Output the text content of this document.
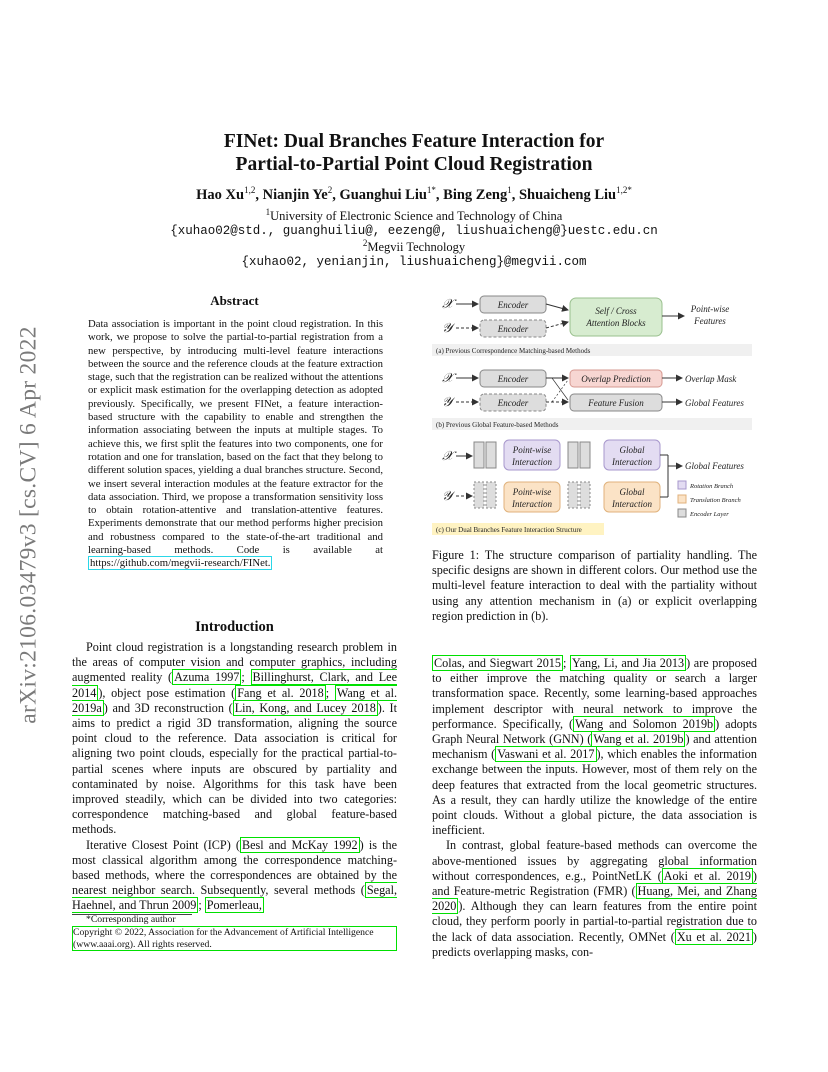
arXiv:2106.03479v3 [cs.CV] 6 Apr 2022
FINet: Dual Branches Feature Interaction for
Partial-to-Partial Point Cloud Registration
Hao Xu$^{1,2}$, Nianjin Ye$^2$, Guanghui Liu$^{1*}$, Bing Zeng$^1$, Shuaicheng Liu$^{1,2*}$
$^1$University of Electronic Science and Technology of China
{xuhao02@std., guanghuiliu@, eezeng@, liushuaicheng@}uestc.edu.cn
$^2$Megvii Technology
{xuhao02, yenianjin, liushuaicheng}@megvii.com
Abstract
Data association is important in the point cloud registration. In this work, we propose to solve the partial-to-partial registration from a new perspective, by introducing multi-level feature interactions between the source and the reference clouds at the feature extraction stage, such that the registration can be realized without the attentions or explicit mask estimation for the overlapping detection as adopted previously. Specifically, we present FINet, a feature interaction-based structure with the capability to enable and strengthen the information associating between the inputs at multiple stages. To achieve this, we first split the features into two components, one for rotation and one for translation, based on the fact that they belong to different solution spaces, yielding a dual branches structure. Second, we insert several interaction modules at the feature extractor for the data association. Third, we propose a transformation sensitivity loss to obtain rotation-attentive and translation-attentive features. Experiments demonstrate that our method performs higher precision and robustness compared to the state-of-the-art traditional and learning-based methods. Code is available at https://github.com/megvii-research/FINet.
Introduction

Point cloud registration is a longstanding research problem in the areas of computer vision and computer graphics, including augmented reality ( Azuma 1997 ; Billinghurst, Clark, and Lee 2014 ), object pose estimation ( Fang et al. 2018 ; Wang et al. 2019a ) and 3D reconstruction ( Lin, Kong, and Lucey 2018 ). It aims to predict a rigid 3D transformation, aligning the source point cloud to the reference. Data association is critical for aligning two point clouds, especially for the practical partial-to-partial scenes where inputs are obscured by partiality and contaminated by noise. Algorithms for this task have been improved steadily, which can be divided into two categories: correspondence matching-based and global feature-based methods.

Iterative Closest Point (ICP) ( Besl and McKay 1992 ) is the most classical algorithm among the correspondence matching-based methods, where the correspondences are obtained by the nearest neighbor search. Subsequently, several methods ( Segal, Haehnel, and Thrun 2009 ; Pomerleau,

*Corresponding author
Copyright © 2022, Association for the Advancement of Artificial Intelligence (www.aaai.org). All rights reserved.
𝒳
𝒴
Encoder
Encoder
Self / Cross
Attention Blocks
Point-wise
Features
(a) Previous Correspondence Matching-based Methods
𝒳
𝒴
Encoder
Encoder
Overlap Prediction
Feature Fusion
Overlap Mask
Global Features
(b) Previous Global Feature-based Methods
𝒳
𝒴
Point-wise
Interaction
Point-wise
Interaction
Global
Interaction
Global
Interaction
Global Features
Rotation Branch
Translation Branch
Encoder Layer
(c) Our Dual Branches Feature Interaction Structure
Figure 1: The structure comparison of partiality handling. The specific designs are shown in different colors. Our method use the multi-level feature interaction to deal with the partiality without using any attention mechanism in (a) or explicit overlapping region prediction in (b).

Colas, and Siegwart 2015 ; Yang, Li, and Jia 2013 ) are proposed to either improve the matching quality or search a larger transformation space. Recently, some learning-based approaches implement descriptor with neural network to improve the performance. Specifically, ( Wang and Solomon 2019b ) adopts Graph Neural Network (GNN) ( Wang et al. 2019b ) and attention mechanism ( Vaswani et al. 2017 ), which enables the information exchange between the inputs. However, most of them rely on the deep features that extracted from the local geometric structures. As a result, they can hardly utilize the knowledge of the entire point clouds. Without a global picture, the data association is inefficient.

In contrast, global feature-based methods can overcome the above-mentioned issues by aggregating global information without correspondences, e.g., PointNetLK ( Aoki et al. 2019 ) and Feature-metric Registration (FMR) ( Huang, Mei, and Zhang 2020 ). Although they can learn features from the entire point cloud, they perform poorly in partial-to-partial registration due to the lack of data association. Recently, OMNet ( Xu et al. 2021 ) predicts overlapping masks, con-
